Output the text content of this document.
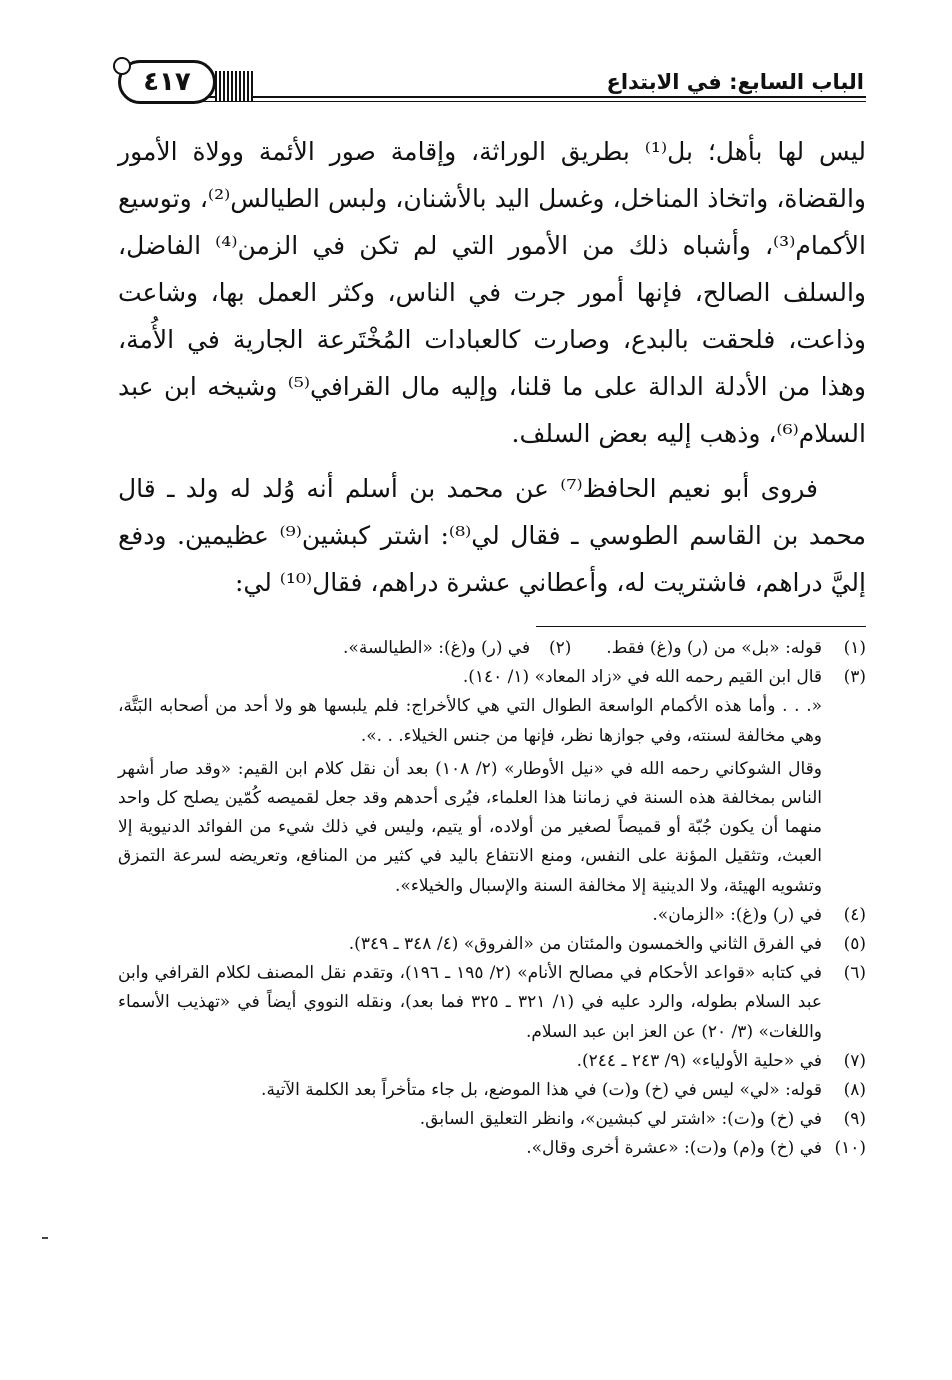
الباب السابع: في الابتداع
٤١٧

ليس لها بأهل؛ بل⁽¹⁾ بطريق الوراثة، وإقامة صور الأئمة وولاة الأمور والقضاة، واتخاذ المناخل، وغسل اليد بالأشنان، ولبس الطيالس⁽²⁾، وتوسيع الأكمام⁽³⁾، وأشباه ذلك من الأمور التي لم تكن في الزمن⁽⁴⁾ الفاضل، والسلف الصالح، فإنها أمور جرت في الناس، وكثر العمل بها، وشاعت وذاعت، فلحقت بالبدع، وصارت كالعبادات المُخْتَرعة الجارية في الأُمة، وهذا من الأدلة الدالة على ما قلنا، وإليه مال القرافي⁽⁵⁾ وشيخه ابن عبد السلام⁽⁶⁾، وذهب إليه بعض السلف.

فروى أبو نعيم الحافظ⁽⁷⁾ عن محمد بن أسلم أنه وُلد له ولد ـ قال محمد بن القاسم الطوسي ـ فقال لي⁽⁸⁾: اشتر كبشين⁽⁹⁾ عظيمين. ودفع إليَّ دراهم، فاشتريت له، وأعطاني عشرة دراهم، فقال⁽¹⁰⁾ لي:

(١)
قوله: «بل» من (ر) و(غ) فقط.  (٢)  في (ر) و(غ): «الطيالسة».
(٣)
قال ابن القيم رحمه الله في «زاد المعاد» (١/ ١٤٠).
«. . . وأما هذه الأكمام الواسعة الطوال التي هي كالأخراج: فلم يلبسها هو ولا أحد من أصحابه البَتَّة، وهي مخالفة لسنته، وفي جوازها نظر، فإنها من جنس الخيلاء. . .».
وقال الشوكاني رحمه الله في «نيل الأوطار» (٢/ ١٠٨) بعد أن نقل كلام ابن القيم: «وقد صار أشهر الناس بمخالفة هذه السنة في زماننا هذا العلماء، فيُرى أحدهم وقد جعل لقميصه كُمّين يصلح كل واحد منهما أن يكون جُبّة أو قميصاً لصغير من أولاده، أو يتيم، وليس في ذلك شيء من الفوائد الدنيوية إلا العبث، وتثقيل المؤنة على النفس، ومنع الانتفاع باليد في كثير من المنافع، وتعريضه لسرعة التمزق وتشويه الهيئة، ولا الدينية إلا مخالفة السنة والإسبال والخيلاء».
(٤)
في (ر) و(غ): «الزمان».
(٥)
في الفرق الثاني والخمسون والمئتان من «الفروق» (٤/ ٣٤٨ ـ ٣٤٩).
(٦)
في كتابه «قواعد الأحكام في مصالح الأنام» (٢/ ١٩٥ ـ ١٩٦)، وتقدم نقل المصنف لكلام القرافي وابن عبد السلام بطوله، والرد عليه في (١/ ٣٢١ ـ ٣٢٥ فما بعد)، ونقله النووي أيضاً في «تهذيب الأسماء واللغات» (٣/ ٢٠) عن العز ابن عبد السلام.
(٧)
في «حلية الأولياء» (٩/ ٢٤٣ ـ ٢٤٤).
(٨)
قوله: «لي» ليس في (خ) و(ت) في هذا الموضع، بل جاء متأخراً بعد الكلمة الآتية.
(٩)
في (خ) و(ت): «اشتر لي كبشين»، وانظر التعليق السابق.
(١٠)
في (خ) و(م) و(ت): «عشرة أخرى وقال».
